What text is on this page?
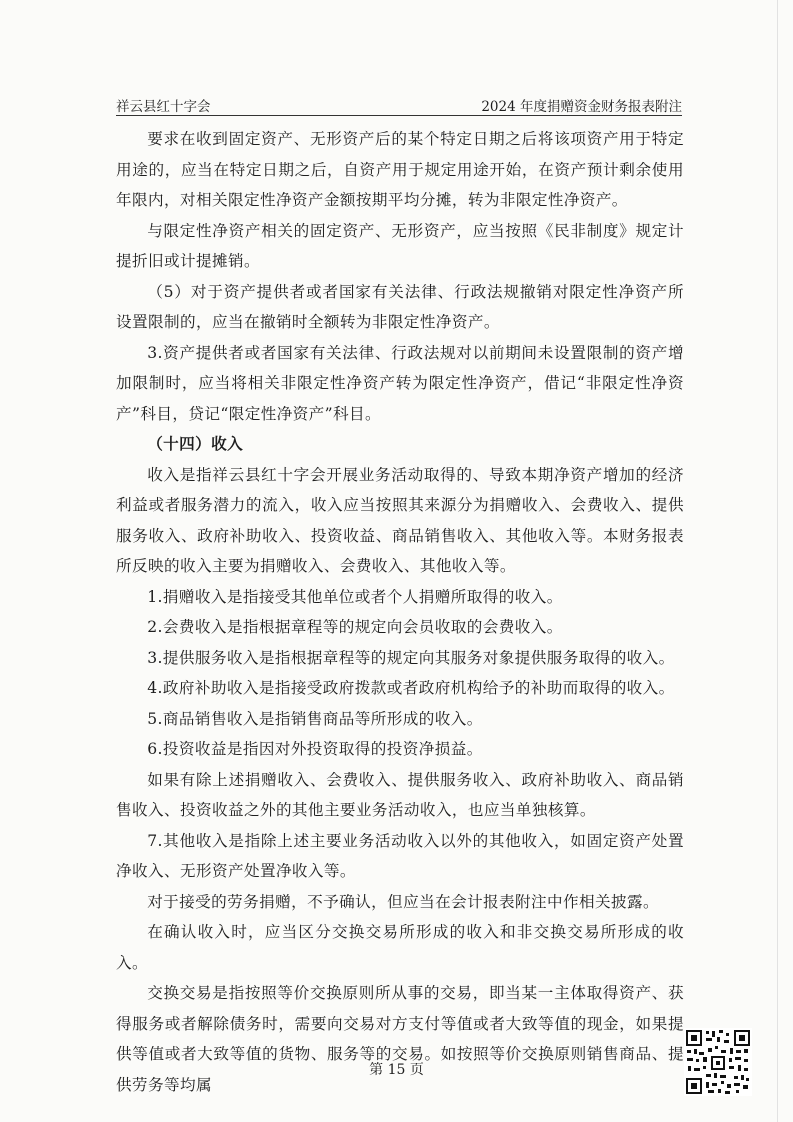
祥云县红十字会	2024 年度捐赠资金财务报表附注

要求在收到固定资产、无形资产后的某个特定日期之后将该项资产用于特定用途的，应当在特定日期之后，自资产用于规定用途开始，在资产预计剩余使用年限内，对相关限定性净资产金额按期平均分摊，转为非限定性净资产。

与限定性净资产相关的固定资产、无形资产，应当按照《民非制度》规定计提折旧或计提摊销。

（5）对于资产提供者或者国家有关法律、行政法规撤销对限定性净资产所设置限制的，应当在撤销时全额转为非限定性净资产。

3.资产提供者或者国家有关法律、行政法规对以前期间未设置限制的资产增加限制时，应当将相关非限定性净资产转为限定性净资产，借记“非限定性净资产”科目，贷记“限定性净资产”科目。

（十四）收入

收入是指祥云县红十字会开展业务活动取得的、导致本期净资产增加的经济利益或者服务潜力的流入，收入应当按照其来源分为捐赠收入、会费收入、提供服务收入、政府补助收入、投资收益、商品销售收入、其他收入等。本财务报表所反映的收入主要为捐赠收入、会费收入、其他收入等。

1.捐赠收入是指接受其他单位或者个人捐赠所取得的收入。

2.会费收入是指根据章程等的规定向会员收取的会费收入。

3.提供服务收入是指根据章程等的规定向其服务对象提供服务取得的收入。

4.政府补助收入是指接受政府拨款或者政府机构给予的补助而取得的收入。

5.商品销售收入是指销售商品等所形成的收入。

6.投资收益是指因对外投资取得的投资净损益。

如果有除上述捐赠收入、会费收入、提供服务收入、政府补助收入、商品销售收入、投资收益之外的其他主要业务活动收入，也应当单独核算。

7.其他收入是指除上述主要业务活动收入以外的其他收入，如固定资产处置净收入、无形资产处置净收入等。

对于接受的劳务捐赠，不予确认，但应当在会计报表附注中作相关披露。

在确认收入时，应当区分交换交易所形成的收入和非交换交易所形成的收入。

交换交易是指按照等价交换原则所从事的交易，即当某一主体取得资产、获得服务或者解除债务时，需要向交易对方支付等值或者大致等值的现金，如果提供等值或者大致等值的货物、服务等的交易。如按照等价交换原则销售商品、提供劳务等均属

第 15 页
